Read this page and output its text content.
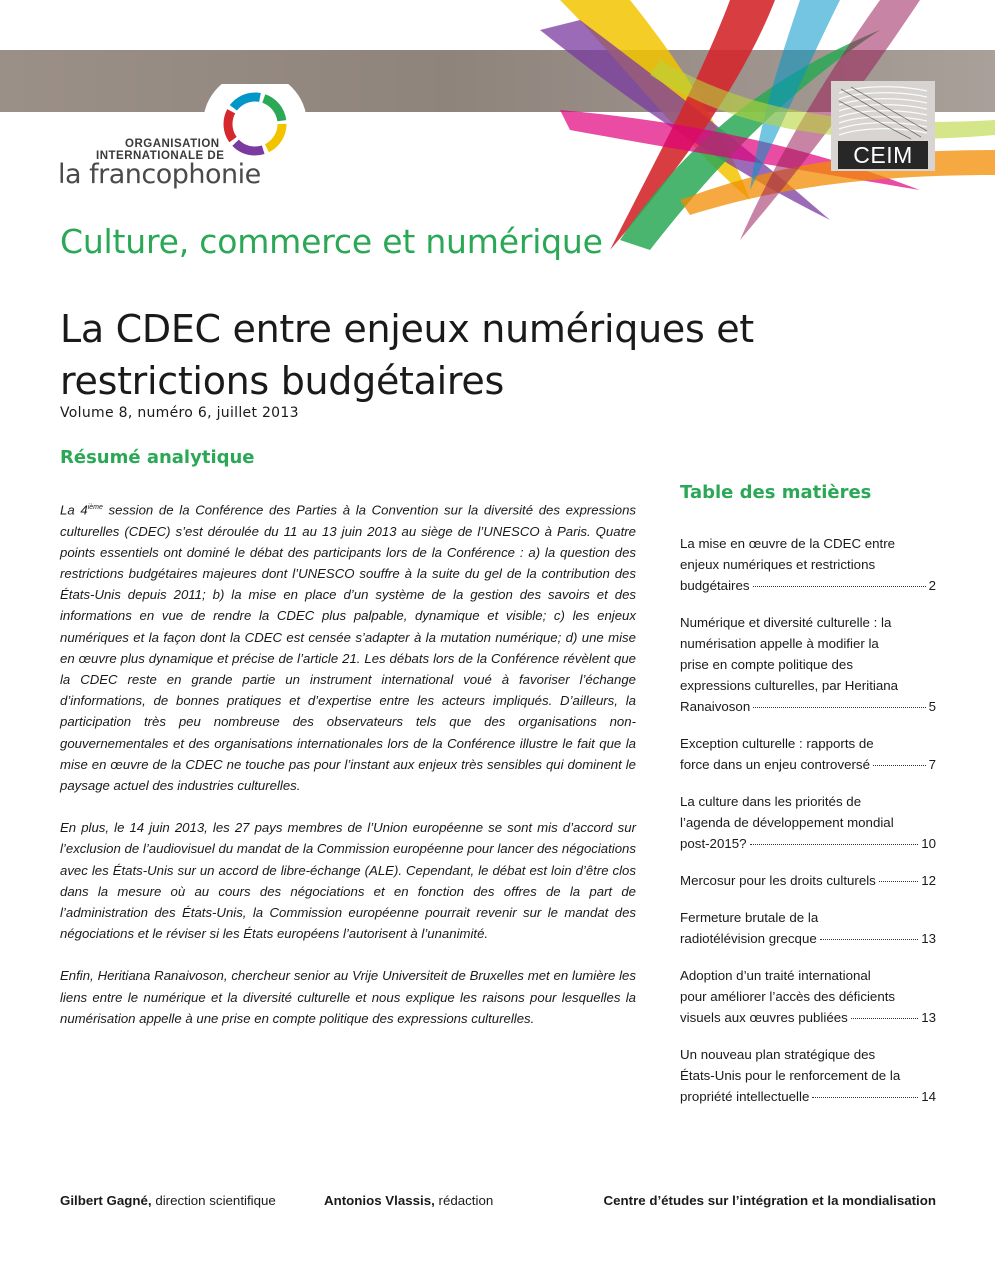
ORGANISATION
INTERNATIONALE DE
la francophonie
CEIM
Culture, commerce et numérique
La CDEC entre enjeux numériques et restrictions budgétaires
Volume 8, numéro 6, juillet 2013
Résumé analytique

La 4ième session de la Conférence des Parties à la Convention sur la diversité des expressions culturelles (CDEC) s’est déroulée du 11 au 13 juin 2013 au siège de l’UNESCO à Paris. Quatre points essentiels ont dominé le débat des participants lors de la Conférence : a) la question des restrictions budgétaires majeures dont l’UNESCO souffre à la suite du gel de la contribution des États-Unis depuis 2011; b) la mise en place d’un système de la gestion des savoirs et des informations en vue de rendre la CDEC plus palpable, dynamique et visible; c) les enjeux numériques et la façon dont la CDEC est censée s’adapter à la mutation numérique; d) une mise en œuvre plus dynamique et précise de l’article 21. Les débats lors de la Conférence révèlent que la CDEC reste en grande partie un instrument international voué à favoriser l’échange d’informations, de bonnes pratiques et d’expertise entre les acteurs impliqués. D’ailleurs, la participation très peu nombreuse des observateurs tels que des organisations non-gouvernementales et des organisations internationales lors de la Conférence illustre le fait que la mise en œuvre de la CDEC ne touche pas pour l’instant aux enjeux très sensibles qui dominent le paysage actuel des industries culturelles.

En plus, le 14 juin 2013, les 27 pays membres de l’Union européenne se sont mis d’accord sur l’exclusion de l’audiovisuel du mandat de la Commission européenne pour lancer des négociations avec les États-Unis sur un accord de libre-échange (ALE). Cependant, le débat est loin d’être clos dans la mesure où au cours des négociations et en fonction des offres de la part de l’administration des États-Unis, la Commission européenne pourrait revenir sur le mandat des négociations et le réviser si les États européens l’autorisent à l’unanimité.

Enfin, Heritiana Ranaivoson, chercheur senior au Vrije Universiteit de Bruxelles met en lumière les liens entre le numérique et la diversité culturelle et nous explique les raisons pour lesquelles la numérisation appelle à une prise en compte politique des expressions culturelles.

Table des matières
La mise en œuvre de la CDEC entre
enjeux numériques et restrictions
budgétaires	2
Numérique et diversité culturelle : la
numérisation appelle à modifier la
prise en compte politique des
expressions culturelles, par Heritiana
Ranaivoson	5
Exception culturelle : rapports de
force dans un enjeu controversé	7
La culture dans les priorités de
l’agenda de développement mondial
post-2015?	10
Mercosur pour les droits culturels	12
Fermeture brutale de la
radiotélévision grecque	13
Adoption d’un traité international
pour améliorer l’accès des déficients
visuels aux œuvres publiées	13
Un nouveau plan stratégique des
États-Unis pour le renforcement de la
propriété intellectuelle	14
Gilbert Gagné, direction scientifique	Antonios Vlassis, rédaction	Centre d’études sur l’intégration et la mondialisation
